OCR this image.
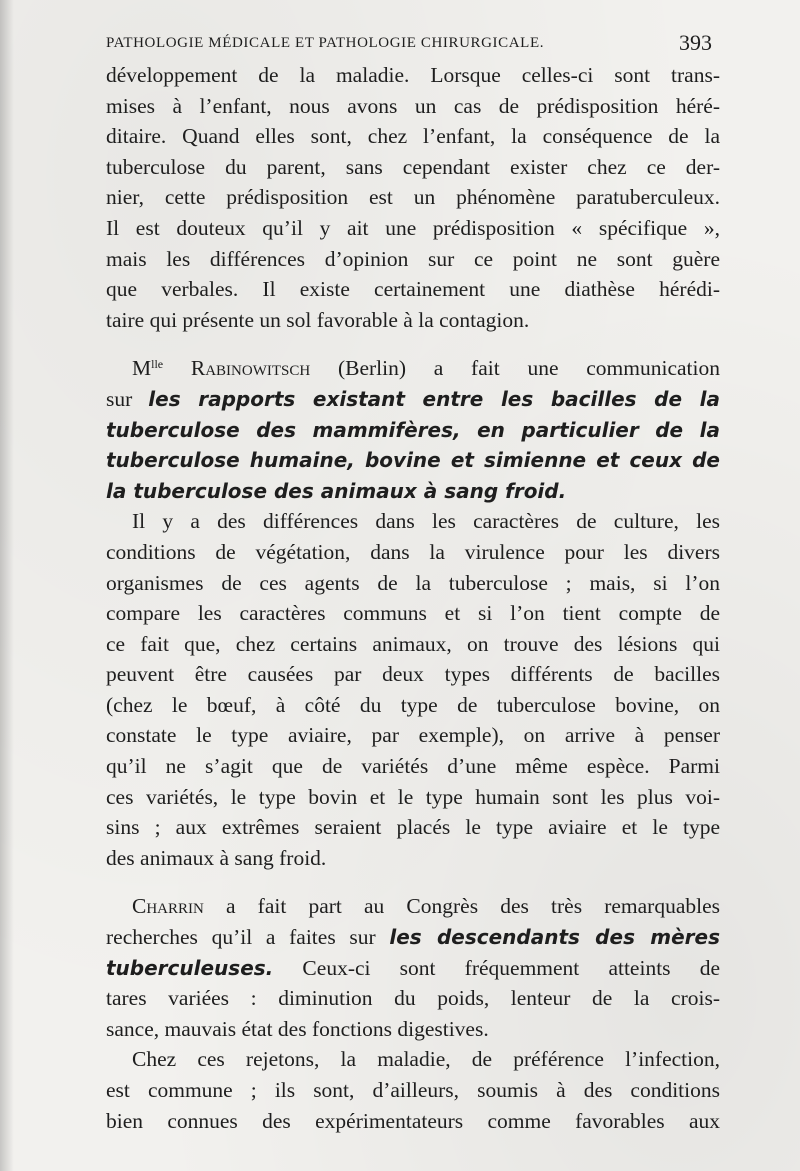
PATHOLOGIE MÉDICALE ET PATHOLOGIE CHIRURGICALE.	393
développement de la maladie. Lorsque celles-ci sont trans-
mises à l’enfant, nous avons un cas de prédisposition héré-
ditaire. Quand elles sont, chez l’enfant, la conséquence de la
tuberculose du parent, sans cependant exister chez ce der-
nier, cette prédisposition est un phénomène paratuberculeux.
Il est douteux qu’il y ait une prédisposition « spécifique »,
mais les différences d’opinion sur ce point ne sont guère
que verbales. Il existe certainement une diathèse hérédi-
taire qui présente un sol favorable à la contagion.
$M^{lle}$ Rabinowitsch (Berlin) a fait une communication
sur les rapports existant entre les bacilles de la
tuberculose des mammifères, en particulier de la
tuberculose humaine, bovine et simienne et ceux de
la tuberculose des animaux à sang froid.
Il y a des différences dans les caractères de culture, les
conditions de végétation, dans la virulence pour les divers
organismes de ces agents de la tuberculose ; mais, si l’on
compare les caractères communs et si l’on tient compte de
ce fait que, chez certains animaux, on trouve des lésions qui
peuvent être causées par deux types différents de bacilles
(chez le bœuf, à côté du type de tuberculose bovine, on
constate le type aviaire, par exemple), on arrive à penser
qu’il ne s’agit que de variétés d’une même espèce. Parmi
ces variétés, le type bovin et le type humain sont les plus voi-
sins ; aux extrêmes seraient placés le type aviaire et le type
des animaux à sang froid.
Charrin a fait part au Congrès des très remarquables
recherches qu’il a faites sur les descendants des mères
tuberculeuses. Ceux-ci sont fréquemment atteints de
tares variées : diminution du poids, lenteur de la crois-
sance, mauvais état des fonctions digestives.
Chez ces rejetons, la maladie, de préférence l’infection,
est commune ; ils sont, d’ailleurs, soumis à des conditions
bien connues des expérimentateurs comme favorables aux
